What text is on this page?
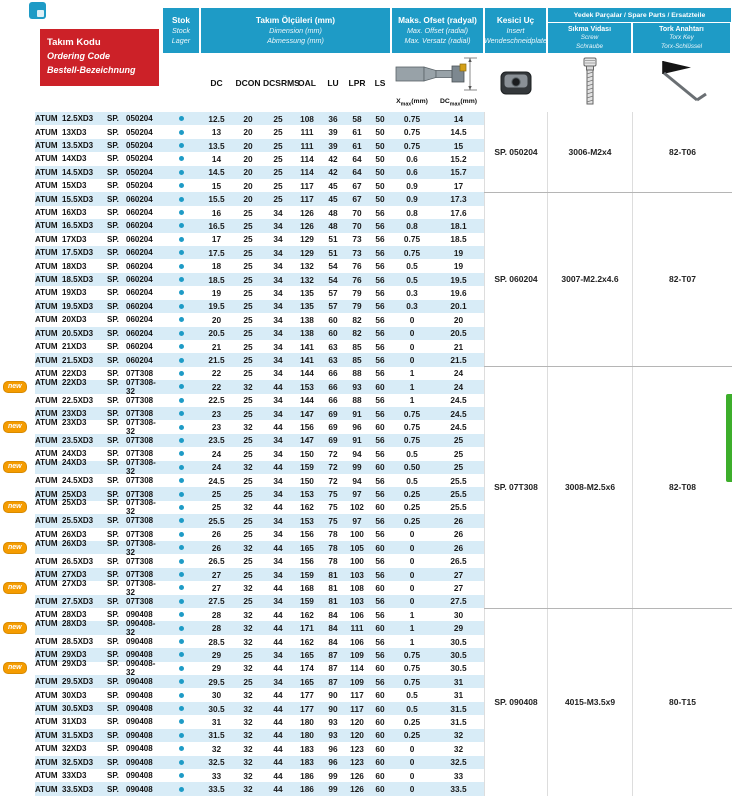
Takım Kodu
Ordering Code
Bestell-Bezeichnung
Stok
Stock
Lager
Takım Ölçüleri (mm)
Dimension (mm)
Abmessung (mm)
DC	DCON DCSRMS
OAL	LU	LPR	LS
Maks. Ofset (radyal)
Max. Offset (radial)
Max. Versatz (radial)
$X_{max}(mm)$	$DC_{max}(mm)$
Kesici Uç
Insert
Wendeschneidplate
Yedek Parçalar / Spare Parts / Ersatzteile
Sıkma Vidası
Screw
Schraube
Tork Anahtarı
Torx Key
Torx-Schlüssel
ATUM 12.5XD3	SP. 050204	12.5	20	25	108	36	58	50	0.75	14
ATUM 13XD3	SP. 050204	13	20	25	111	39	61	50	0.75	14.5
ATUM 13.5XD3	SP. 050204	13.5	20	25	111	39	61	50	0.75	15
ATUM 14XD3	SP. 050204	14	20	25	114	42	64	50	0.6	15.2
ATUM 14.5XD3	SP. 050204	14.5	20	25	114	42	64	50	0.6	15.7
ATUM 15XD3	SP. 050204	15	20	25	117	45	67	50	0.9	17
ATUM 15.5XD3	SP. 060204	15.5	20	25	117	45	67	50	0.9	17.3
ATUM 16XD3	SP. 060204	16	25	34	126	48	70	56	0.8	17.6
ATUM 16.5XD3	SP. 060204	16.5	25	34	126	48	70	56	0.8	18.1
ATUM 17XD3	SP. 060204	17	25	34	129	51	73	56	0.75	18.5
ATUM 17.5XD3	SP. 060204	17.5	25	34	129	51	73	56	0.75	19
ATUM 18XD3	SP. 060204	18	25	34	132	54	76	56	0.5	19
ATUM 18.5XD3	SP. 060204	18.5	25	34	132	54	76	56	0.5	19.5
ATUM 19XD3	SP. 060204	19	25	34	135	57	79	56	0.3	19.6
ATUM 19.5XD3	SP. 060204	19.5	25	34	135	57	79	56	0.3	20.1
ATUM 20XD3	SP. 060204	20	25	34	138	60	82	56	0	20
ATUM 20.5XD3	SP. 060204	20.5	25	34	138	60	82	56	0	20.5
ATUM 21XD3	SP. 060204	21	25	34	141	63	85	56	0	21
ATUM 21.5XD3	SP. 060204	21.5	25	34	141	63	85	56	0	21.5
ATUM 22XD3	SP. 07T308	22	25	34	144	66	88	56	1	24
new	ATUM 22XD3	SP. 07T308-32	22	32	44	153	66	93	60	1	24
ATUM 22.5XD3	SP. 07T308	22.5	25	34	144	66	88	56	1	24.5
ATUM 23XD3	SP. 07T308	23	25	34	147	69	91	56	0.75	24.5
new	ATUM 23XD3	SP. 07T308-32	23	32	44	156	69	96	60	0.75	24.5
ATUM 23.5XD3	SP. 07T308	23.5	25	34	147	69	91	56	0.75	25
ATUM 24XD3	SP. 07T308	24	25	34	150	72	94	56	0.5	25
new	ATUM 24XD3	SP. 07T308-32	24	32	44	159	72	99	60	0.50	25
ATUM 24.5XD3	SP. 07T308	24.5	25	34	150	72	94	56	0.5	25.5
ATUM 25XD3	SP. 07T308	25	25	34	153	75	97	56	0.25	25.5
new	ATUM 25XD3	SP. 07T308-32	25	32	44	162	75	102	60	0.25	25.5
ATUM 25.5XD3	SP. 07T308	25.5	25	34	153	75	97	56	0.25	26
ATUM 26XD3	SP. 07T308	26	25	34	156	78	100	56	0	26
new	ATUM 26XD3	SP. 07T308-32	26	32	44	165	78	105	60	0	26
ATUM 26.5XD3	SP. 07T308	26.5	25	34	156	78	100	56	0	26.5
ATUM 27XD3	SP. 07T308	27	25	34	159	81	103	56	0	27
new	ATUM 27XD3	SP. 07T308-32	27	32	44	168	81	108	60	0	27
ATUM 27.5XD3	SP. 07T308	27.5	25	34	159	81	103	56	0	27.5
ATUM 28XD3	SP. 090408	28	32	44	162	84	106	56	1	30
new	ATUM 28XD3	SP. 090408-32	28	32	44	171	84	111	60	1	29
ATUM 28.5XD3	SP. 090408	28.5	32	44	162	84	106	56	1	30.5
ATUM 29XD3	SP. 090408	29	25	34	165	87	109	56	0.75	30.5
new	ATUM 29XD3	SP. 090408-32	29	32	44	174	87	114	60	0.75	30.5
ATUM 29.5XD3	SP. 090408	29.5	25	34	165	87	109	56	0.75	31
ATUM 30XD3	SP. 090408	30	32	44	177	90	117	60	0.5	31
ATUM 30.5XD3	SP. 090408	30.5	32	44	177	90	117	60	0.5	31.5
ATUM 31XD3	SP. 090408	31	32	44	180	93	120	60	0.25	31.5
ATUM 31.5XD3	SP. 090408	31.5	32	44	180	93	120	60	0.25	32
ATUM 32XD3	SP. 090408	32	32	44	183	96	123	60	0	32
ATUM 32.5XD3	SP. 090408	32.5	32	44	183	96	123	60	0	32.5
ATUM 33XD3	SP. 090408	33	32	44	186	99	126	60	0	33
ATUM 33.5XD3	SP. 090408	33.5	32	44	186	99	126	60	0	33.5
SP. 050204	3006-M2x4	82-T06
SP. 060204	3007-M2.2x4.6	82-T07
SP. 07T308	3008-M2.5x6	82-T08
SP. 090408	4015-M3.5x9	80-T15
